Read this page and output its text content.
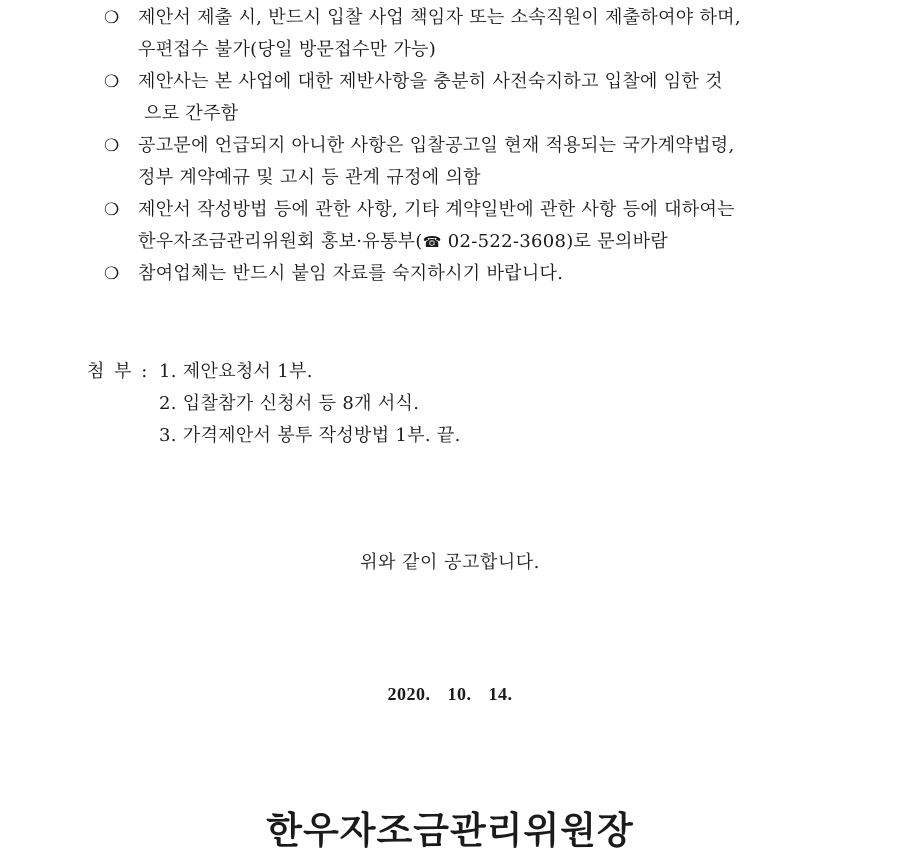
❍	제안서 제출 시, 반드시 입찰 사업 책임자 또는 소속직원이 제출하여야 하며,
우편접수 불가(당일 방문접수만 가능)
❍	제안사는 본 사업에 대한 제반사항을 충분히 사전숙지하고 입찰에 임한 것
으로 간주함
❍	공고문에 언급되지 아니한 사항은 입찰공고일 현재 적용되는 국가계약법령,
정부 계약예규 및 고시 등 관계 규정에 의함
❍	제안서 작성방법 등에 관한 사항, 기타 계약일반에 관한 사항 등에 대하여는
한우자조금관리위원회 홍보·유통부(☎ 02-522-3608)로 문의바람
❍	참여업체는 반드시 붙임 자료를 숙지하시기 바랍니다.
첨 부 : 1. 제안요청서 1부.
2. 입찰참가 신청서 등 8개 서식.
3. 가격제안서 봉투 작성방법 1부. 끝.
위와 같이 공고합니다.
2020. 10. 14.
한우자조금관리위원장
